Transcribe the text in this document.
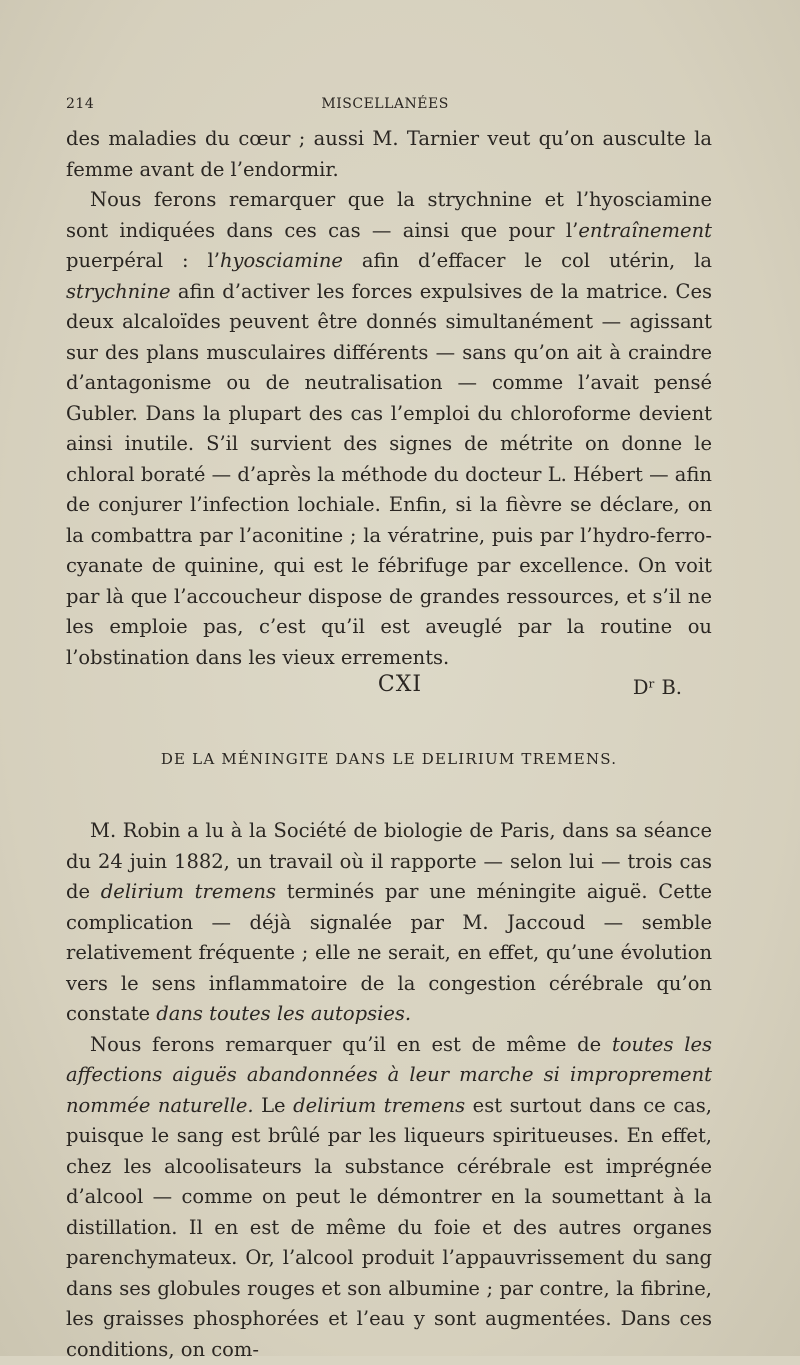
214	MISCELLANÉES

des maladies du cœur ; aussi M. Tarnier veut qu’on ausculte la femme avant de l’endormir.

Nous ferons remarquer que la strychnine et l’hyosciamine sont indiquées dans ces cas — ainsi que pour l’entraînement puerpéral : l’hyosciamine afin d’effacer le col utérin, la strychnine afin d’activer les forces expulsives de la matrice. Ces deux alcaloïdes peuvent être donnés simultanément — agissant sur des plans musculaires différents — sans qu’on ait à craindre d’antagonisme ou de neutralisation — comme l’avait pensé Gubler. Dans la plupart des cas l’emploi du chloroforme devient ainsi inutile. S’il survient des signes de métrite on donne le chloral boraté — d’après la méthode du docteur L. Hébert — afin de conjurer l’infection lochiale. Enfin, si la fièvre se déclare, on la combattra par l’aconitine ; la vératrine, puis par l’hydro-ferro-cyanate de quinine, qui est le fébrifuge par excellence. On voit par là que l’accoucheur dispose de grandes ressources, et s’il ne les emploie pas, c’est qu’il est aveuglé par la routine ou l’obstination dans les vieux errements.

Dʳ B.

CXI
DE LA MÉNINGITE DANS LE DELIRIUM TREMENS.

M. Robin a lu à la Société de biologie de Paris, dans sa séance du 24 juin 1882, un travail où il rapporte — selon lui — trois cas de delirium tremens terminés par une méningite aiguë. Cette complication — déjà signalée par M. Jaccoud — semble relativement fréquente ; elle ne serait, en effet, qu’une évolution vers le sens inflammatoire de la congestion cérébrale qu’on constate dans toutes les autopsies.

Nous ferons remarquer qu’il en est de même de toutes les affections aiguës abandonnées à leur marche si improprement nommée naturelle. Le delirium tremens est surtout dans ce cas, puisque le sang est brûlé par les liqueurs spiritueuses. En effet, chez les alcoolisateurs la substance cérébrale est imprégnée d’alcool — comme on peut le démontrer en la soumettant à la distillation. Il en est de même du foie et des autres organes parenchymateux. Or, l’alcool produit l’appauvrissement du sang dans ses globules rouges et son albumine ; par contre, la fibrine, les graisses phosphorées et l’eau y sont augmentées. Dans ces conditions, on com-
